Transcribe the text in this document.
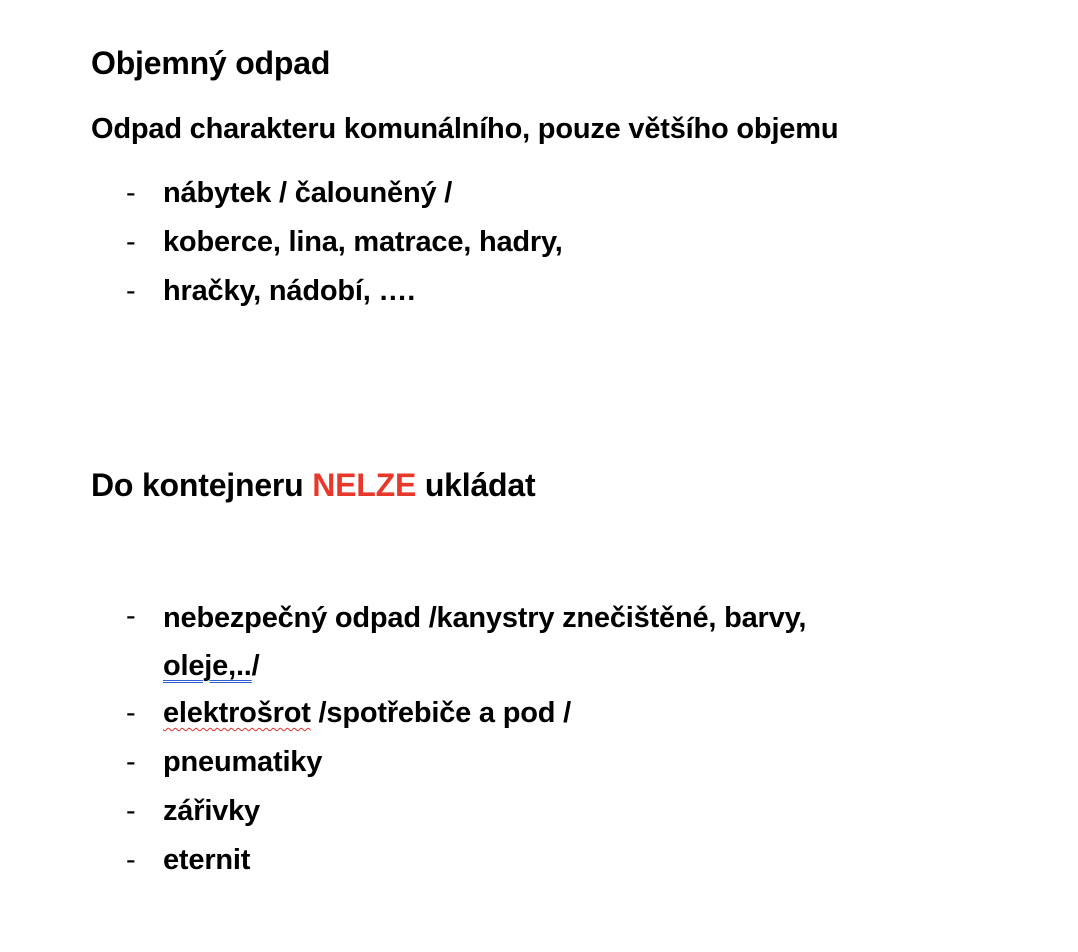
Objemný odpad
Odpad charakteru komunálního, pouze většího objemu
- nábytek / čalouněný /
- koberce, lina, matrace, hadry,
- hračky, nádobí, ….
Do kontejneru NELZE ukládat
- nebezpečný odpad /kanystry znečištěné, barvy,
oleje,../
- elektrošrot /spotřebiče a pod /
- pneumatiky
- zářivky
- eternit
